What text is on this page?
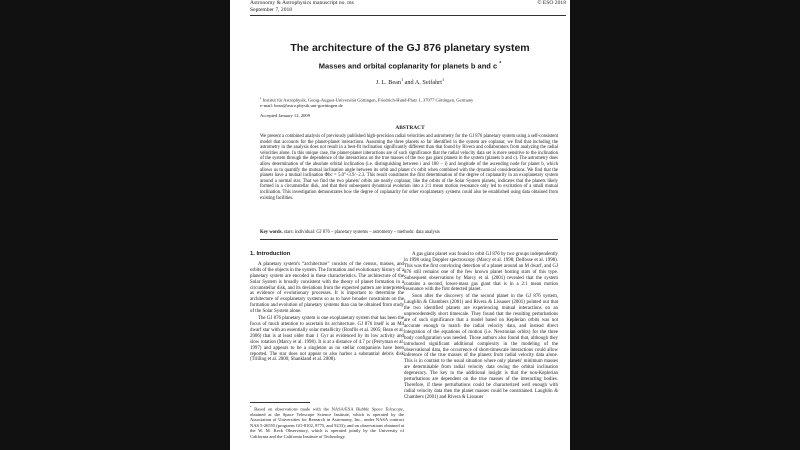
Astronomy & Astrophysics manuscript no. ms
September 7, 2018
© ESO 2018
The architecture of the GJ 876 planetary system
Masses and orbital coplanarity for planets b and c *
J. L. Bean$^1$ and A. Seifahrt$^1$
$^1$ Institut für Astrophysik, Georg-August-Universität Göttingen, Friedrich-Hund-Platz 1, 37077 Göttingen, Germany
e-mail: bean@astro.physik.uni-goettingen.de
Accepted January 12, 2009
ABSTRACT
We present a combined analysis of previously published high-precision radial velocities and astrometry for the GJ 876 planetary system using a self-consistent model that accounts for the planet-planet interactions. Assuming the three planets so far identified in the system are coplanar, we find that including the astrometry in the analysis does not result in a best-fit inclination significantly different than that found by Rivera and collaborators from analyzing the radial velocities alone. In this unique case, the planet-planet interactions are of such significance that the radial velocity data set is more sensitive to the inclination of the system through the dependence of the interactions on the true masses of the two gas giant planets in the system (planets b and c). The astrometry does allow determination of the absolute orbital inclination (i.e. distinguishing between i and 180 − i) and longitude of the ascending node for planet b, which allows us to quantify the mutual inclination angle between its orbit and planet c's orbit when combined with the dynamical considerations. We find that the planets have a mutual inclination Φbc = 5.0°+3.9/−2.3. This result constitutes the first determination of the degree of coplanarity in an exoplanetary system around a normal star. That we find the two planets' orbits are nearly coplanar, like the orbits of the Solar System planets, indicates that the planets likely formed in a circumstellar disk, and that their subsequent dynamical evolution into a 2:1 mean motion resonance only led to excitation of a small mutual inclination. This investigation demonstrates how the degree of coplanarity for other exoplanetary systems could also be established using data obtained from existing facilities.
Key words. stars: individual: GJ 876 – planetary systems – astrometry – methods: data analysis
1. Introduction

A planetary system's “architecture” consists of the census, masses, and orbits of the objects in the system. The formation and evolutionary history of a planetary system are encoded in these characteristics. The architecture of the Solar System is broadly consistent with the theory of planet formation in a circumstellar disk, and its deviations from the expected pattern are interpreted as evidence of evolutionary processes. It is important to determine the architecture of exoplanetary systems so as to have broader constraints on the formation and evolution of planetary systems than can be obtained from study of the Solar System alone.

The GJ 876 planetary system is one exoplanetary system that has been the focus of much attention to ascertain its architecture. GJ 876 itself is an M4 dwarf star with an essentially solar metallicity (Bonfils et al. 2005; Bean et al. 2006) that is at least older than 1 Gyr as evidenced by its low activity and slow rotation (Marcy et al. 1998). It is at a distance of 4.7 pc (Perryman et al. 1997) and appears to be a singleton as no stellar companions have been reported. The star does not appear to also harbor a substantial debris disk (Trilling et al. 2000; Shankland et al. 2008).

* Based on observations made with the NASA/ESA Hubble Space Telescope, obtained at the Space Telescope Science Institute, which is operated by the Association of Universities for Research in Astronomy, Inc., under NASA contract NAS 5-26555 (programs GO-8102, 8775, and 9233); and on observations obtained at the W. M. Keck Observatory, which is operated jointly by the University of California and the California Institute of Technology.

A gas giant planet was found to orbit GJ 876 by two groups independently in 1998 using Doppler spectroscopy (Marcy et al. 1998; Delfosse et al. 1998). This was the first convincing detection of a planet around an M dwarf, and GJ 876 still remains one of the few known planet hosting stars of this type. Subsequent observations by Marcy et al. (2001) revealed that the system contains a second, lower-mass gas giant that is in a 2:1 mean motion resonance with the first detected planet.

Soon after the discovery of the second planet in the GJ 876 system, Laughlin & Chambers (2001) and Rivera & Lissauer (2001) pointed out that the two identified planets are experiencing mutual interactions on an unprecedentedly short timescale. They found that the resulting perturbations are of such significance that a model based on Keplerian orbits was not accurate enough to match the radial velocity data, and instead direct integration of the equations of motion (i.e. Newtonian orbits) for the three body configuration was needed. Those authors also found that, although they introduced significant additional complexity in the modeling of the observational data, the occurrence of short-timescale interactions could allow inference of the true masses of the planets from radial velocity data alone. This is in contrast to the usual situation where only planets' minimum masses are determinable from radial velocity data owing the orbital inclination degeneracy. The key to the additional insight is that the non-Keplerian perturbations are dependent on the true masses of the interacting bodies. Therefore, if these perturbations could be characterized well enough with radial velocity data then the planet masses could be constrained. Laughlin & Chambers (2001) and Rivera & Lissauer
